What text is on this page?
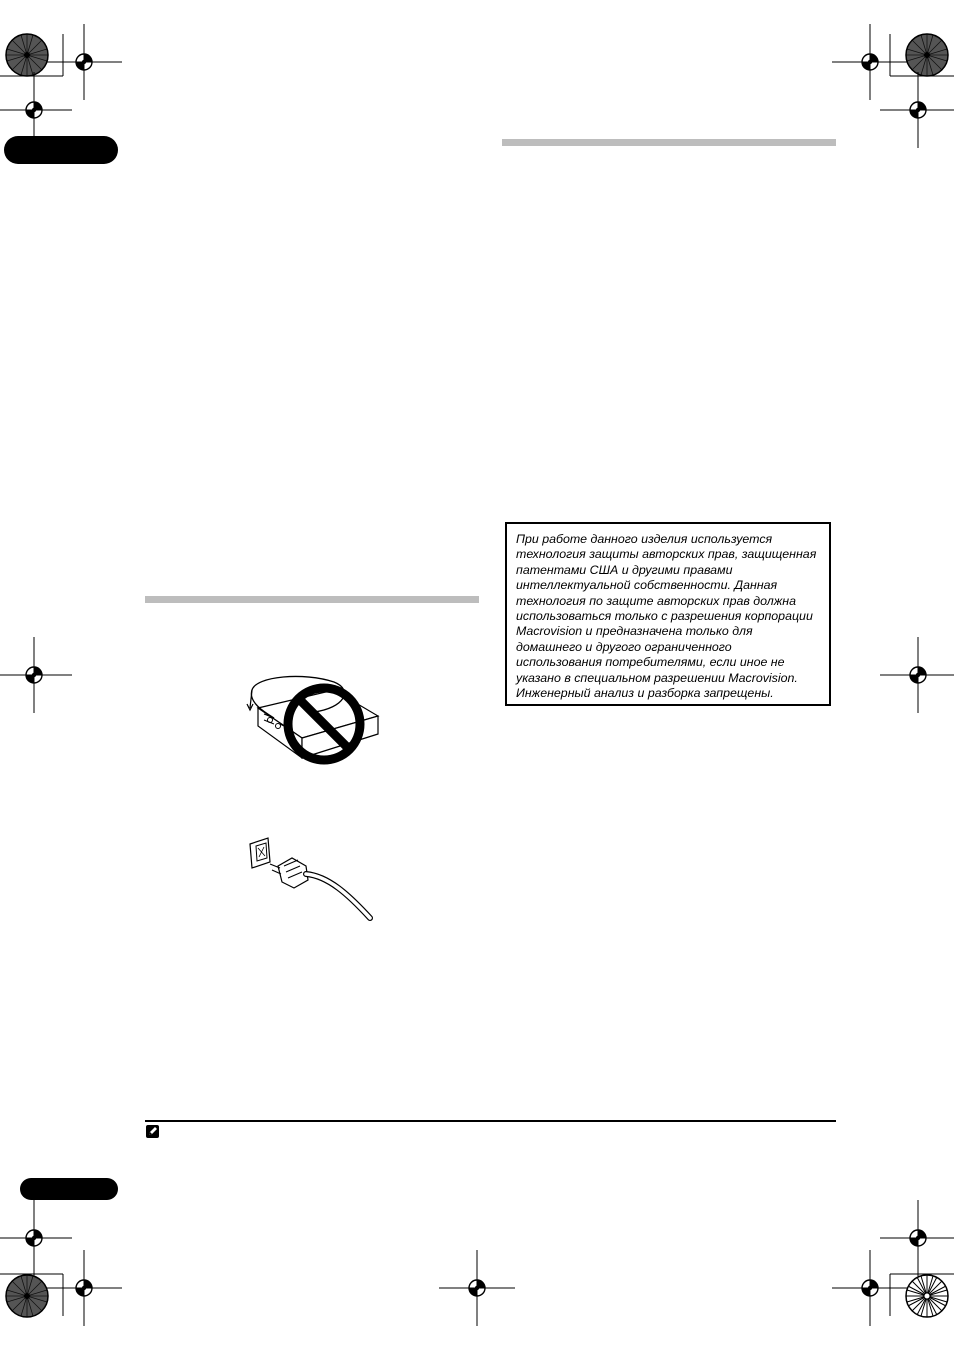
При работе данного изделия используется
технология защиты авторских прав, защищенная
патентами США и другими правами
интеллектуальной собственности. Данная
технология по защите авторских прав должна
использоваться только с разрешения корпорации
Macrovision и предназначена только для
домашнего и другого ограниченного
использования потребителями, если иное не
указано в специальном разрешении Macrovision.
Инженерный анализ и разборка запрещены.
